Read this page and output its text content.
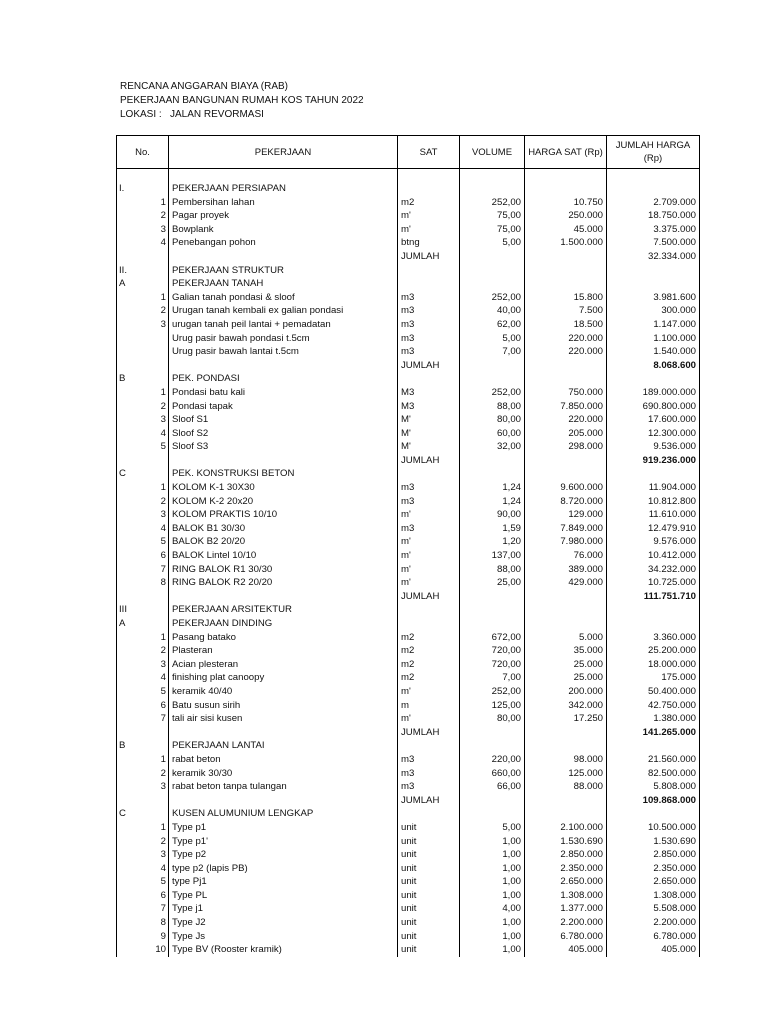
RENCANA ANGGARAN BIAYA (RAB)
PEKERJAAN BANGUNAN RUMAH KOS TAHUN 2022
LOKASI : JALAN REVORMASI
No.	PEKERJAAN	SAT	VOLUME	HARGA SAT (Rp)	JUMLAH HARGA (Rp)

I.	PEKERJAAN PERSIAPAN				
1	Pembersihan lahan	m2	252,00	10.750	2.709.000
2	Pagar proyek	m'	75,00	250.000	18.750.000
3	Bowplank	m'	75,00	45.000	3.375.000
4	Penebangan pohon	btng	5,00	1.500.000	7.500.000
		JUMLAH			32.334.000
II.	PEKERJAAN STRUKTUR				
A	PEKERJAAN TANAH				
1	Galian tanah pondasi & sloof	m3	252,00	15.800	3.981.600
2	Urugan tanah kembali ex galian pondasi	m3	40,00	7.500	300.000
3	urugan tanah peil lantai + pemadatan	m3	62,00	18.500	1.147.000
	Urug pasir bawah pondasi t.5cm	m3	5,00	220.000	1.100.000
	Urug pasir bawah lantai t.5cm	m3	7,00	220.000	1.540.000
		JUMLAH			8.068.600
B	PEK. PONDASI				
1	Pondasi batu kali	M3	252,00	750.000	189.000.000
2	Pondasi tapak	M3	88,00	7.850.000	690.800.000
3	Sloof S1	M'	80,00	220.000	17.600.000
4	Sloof S2	M'	60,00	205.000	12.300.000
5	Sloof S3	M'	32,00	298.000	9.536.000
		JUMLAH			919.236.000
C	PEK. KONSTRUKSI BETON				
1	KOLOM K-1 30X30	m3	1,24	9.600.000	11.904.000
2	KOLOM K-2 20x20	m3	1,24	8.720.000	10.812.800
3	KOLOM PRAKTIS 10/10	m'	90,00	129.000	11.610.000
4	BALOK B1 30/30	m3	1,59	7.849.000	12.479.910
5	BALOK B2 20/20	m'	1,20	7.980.000	9.576.000
6	BALOK Lintel 10/10	m'	137,00	76.000	10.412.000
7	RING BALOK R1 30/30	m'	88,00	389.000	34.232.000
8	RING BALOK R2 20/20	m'	25,00	429.000	10.725.000
		JUMLAH			111.751.710
III	PEKERJAAN ARSITEKTUR				
A	PEKERJAAN DINDING				
1	Pasang batako	m2	672,00	5.000	3.360.000
2	Plasteran	m2	720,00	35.000	25.200.000
3	Acian plesteran	m2	720,00	25.000	18.000.000
4	finishing plat canoopy	m2	7,00	25.000	175.000
5	keramik 40/40	m'	252,00	200.000	50.400.000
6	Batu susun sirih	m	125,00	342.000	42.750.000
7	tali air sisi kusen	m'	80,00	17.250	1.380.000
		JUMLAH			141.265.000
B	PEKERJAAN LANTAI				
1	rabat beton	m3	220,00	98.000	21.560.000
2	keramik 30/30	m3	660,00	125.000	82.500.000
3	rabat beton tanpa tulangan	m3	66,00	88.000	5.808.000
		JUMLAH			109.868.000
C	KUSEN ALUMUNIUM LENGKAP				
1	Type p1	unit	5,00	2.100.000	10.500.000
2	Type p1'	unit	1,00	1.530.690	1.530.690
3	Type p2	unit	1,00	2.850.000	2.850.000
4	type p2 (lapis PB)	unit	1,00	2.350.000	2.350.000
5	type Pj1	unit	1,00	2.650.000	2.650.000
6	Type PL	unit	1,00	1.308.000	1.308.000
7	Type j1	unit	4,00	1.377.000	5.508.000
8	Type J2	unit	1,00	2.200.000	2.200.000
9	Type Js	unit	1,00	6.780.000	6.780.000
10	Type BV (Rooster kramik)	unit	1,00	405.000	405.000
